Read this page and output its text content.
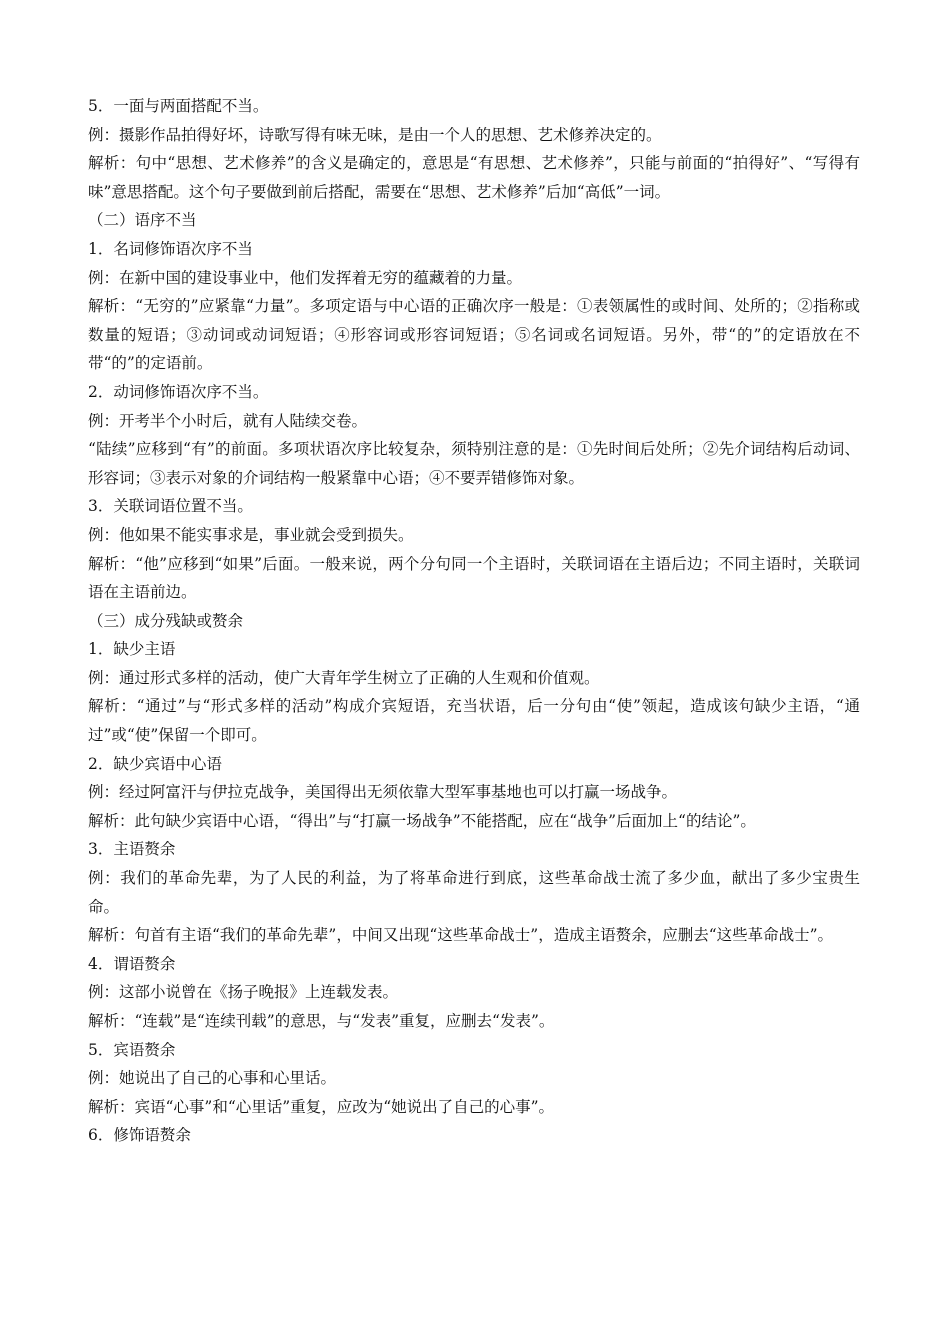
5．一面与两面搭配不当。

例：摄影作品拍得好坏，诗歌写得有味无味，是由一个人的思想、艺术修养决定的。

解析：句中“思想、艺术修养”的含义是确定的，意思是“有思想、艺术修养”，只能与前面的“拍得好”、“写得有味”意思搭配。这个句子要做到前后搭配，需要在“思想、艺术修养”后加“高低”一词。

（二）语序不当

1．名词修饰语次序不当

例：在新中国的建设事业中，他们发挥着无穷的蕴藏着的力量。

解析：“无穷的”应紧靠“力量”。多项定语与中心语的正确次序一般是：①表领属性的或时间、处所的；②指称或数量的短语；③动词或动词短语；④形容词或形容词短语；⑤名词或名词短语。另外，带“的”的定语放在不带“的”的定语前。

2．动词修饰语次序不当。

例：开考半个小时后，就有人陆续交卷。

“陆续”应移到“有”的前面。多项状语次序比较复杂，须特别注意的是：①先时间后处所；②先介词结构后动词、形容词；③表示对象的介词结构一般紧靠中心语；④不要弄错修饰对象。

3．关联词语位置不当。

例：他如果不能实事求是，事业就会受到损失。

解析：“他”应移到“如果”后面。一般来说，两个分句同一个主语时，关联词语在主语后边；不同主语时，关联词语在主语前边。

（三）成分残缺或赘余

1．缺少主语

例：通过形式多样的活动，使广大青年学生树立了正确的人生观和价值观。

解析：“通过”与“形式多样的活动”构成介宾短语，充当状语，后一分句由“使”领起，造成该句缺少主语，“通过”或“使”保留一个即可。

2．缺少宾语中心语

例：经过阿富汗与伊拉克战争，美国得出无须依靠大型军事基地也可以打赢一场战争。

解析：此句缺少宾语中心语，“得出”与“打赢一场战争”不能搭配，应在“战争”后面加上“的结论”。

3．主语赘余

例：我们的革命先辈，为了人民的利益，为了将革命进行到底，这些革命战士流了多少血，献出了多少宝贵生命。

解析：句首有主语“我们的革命先辈”，中间又出现“这些革命战士”，造成主语赘余，应删去“这些革命战士”。

4．谓语赘余

例：这部小说曾在《扬子晚报》上连载发表。

解析：“连载”是“连续刊载”的意思，与“发表”重复，应删去“发表”。

5．宾语赘余

例：她说出了自己的心事和心里话。

解析：宾语“心事”和“心里话”重复，应改为“她说出了自己的心事”。

6．修饰语赘余
